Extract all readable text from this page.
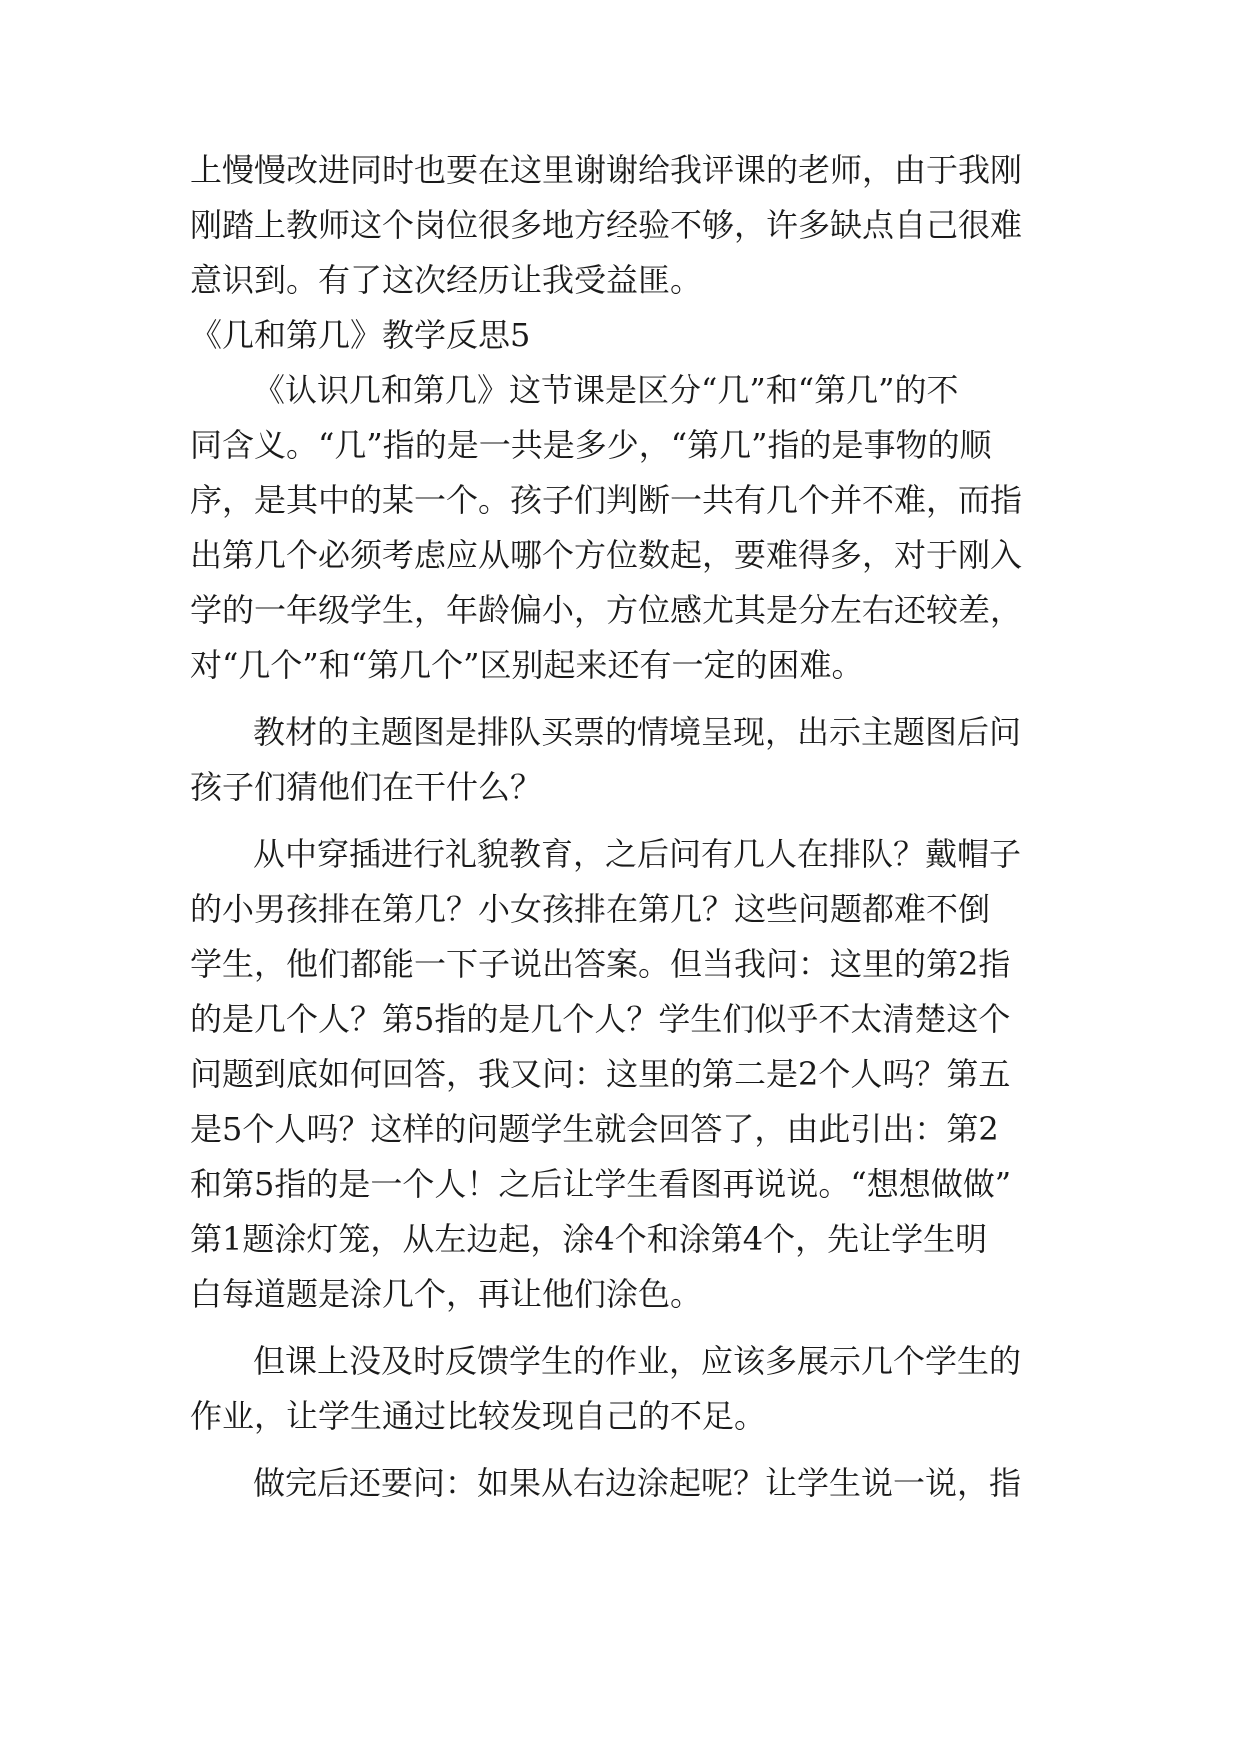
上慢慢改进同时也要在这里谢谢给我评课的老师，由于我刚

刚踏上教师这个岗位很多地方经验不够，许多缺点自己很难

意识到。有了这次经历让我受益匪。

《几和第几》教学反思5

《认识几和第几》这节课是区分“几”和“第几”的不

同含义。“几”指的是一共是多少，“第几”指的是事物的顺

序，是其中的某一个。孩子们判断一共有几个并不难，而指

出第几个必须考虑应从哪个方位数起，要难得多，对于刚入

学的一年级学生，年龄偏小，方位感尤其是分左右还较差，

对“几个”和“第几个”区别起来还有一定的困难。

教材的主题图是排队买票的情境呈现，出示主题图后问

孩子们猜他们在干什么？

从中穿插进行礼貌教育，之后问有几人在排队？戴帽子

的小男孩排在第几？小女孩排在第几？这些问题都难不倒

学生，他们都能一下子说出答案。但当我问：这里的第2指

的是几个人？第5指的是几个人？学生们似乎不太清楚这个

问题到底如何回答，我又问：这里的第二是2个人吗？第五

是5个人吗？这样的问题学生就会回答了，由此引出：第2

和第5指的是一个人！之后让学生看图再说说。“想想做做”

第1题涂灯笼，从左边起，涂4个和涂第4个，先让学生明

白每道题是涂几个，再让他们涂色。

但课上没及时反馈学生的作业，应该多展示几个学生的

作业，让学生通过比较发现自己的不足。

做完后还要问：如果从右边涂起呢？让学生说一说，指
